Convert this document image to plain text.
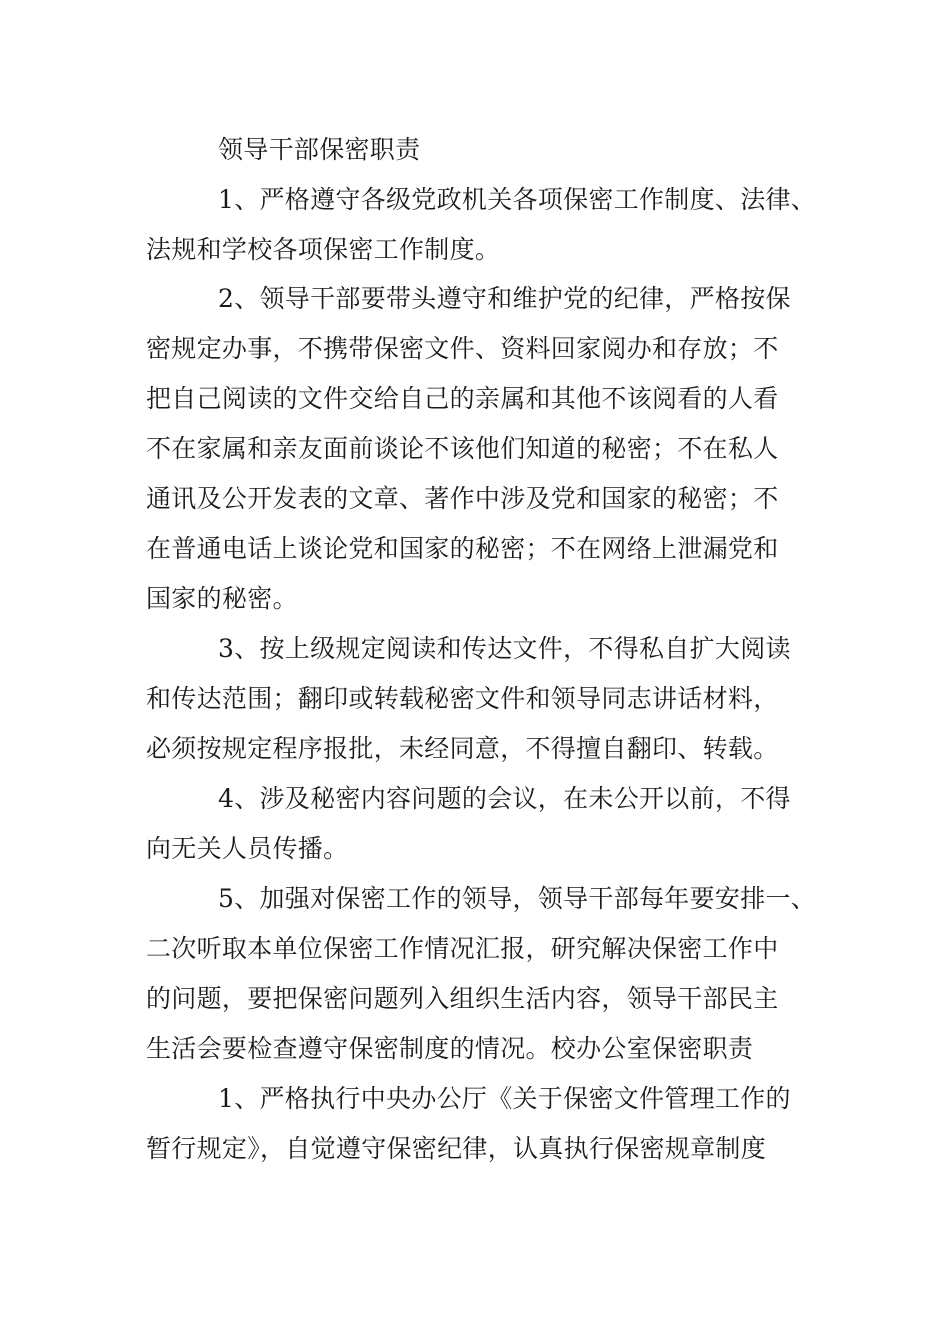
领导干部保密职责
1、严格遵守各级党政机关各项保密工作制度、法律、
法规和学校各项保密工作制度。
2、领导干部要带头遵守和维护党的纪律，严格按保
密规定办事，不携带保密文件、资料回家阅办和存放；不
把自己阅读的文件交给自己的亲属和其他不该阅看的人看
不在家属和亲友面前谈论不该他们知道的秘密；不在私人
通讯及公开发表的文章、著作中涉及党和国家的秘密；不
在普通电话上谈论党和国家的秘密；不在网络上泄漏党和
国家的秘密。
3、按上级规定阅读和传达文件，不得私自扩大阅读
和传达范围；翻印或转载秘密文件和领导同志讲话材料，
必须按规定程序报批，未经同意，不得擅自翻印、转载。
4、涉及秘密内容问题的会议，在未公开以前，不得
向无关人员传播。
5、加强对保密工作的领导，领导干部每年要安排一、
二次听取本单位保密工作情况汇报，研究解决保密工作中
的问题，要把保密问题列入组织生活内容，领导干部民主
生活会要检查遵守保密制度的情况。校办公室保密职责
1、严格执行中央办公厅《关于保密文件管理工作的
暂行规定》，自觉遵守保密纪律，认真执行保密规章制度
